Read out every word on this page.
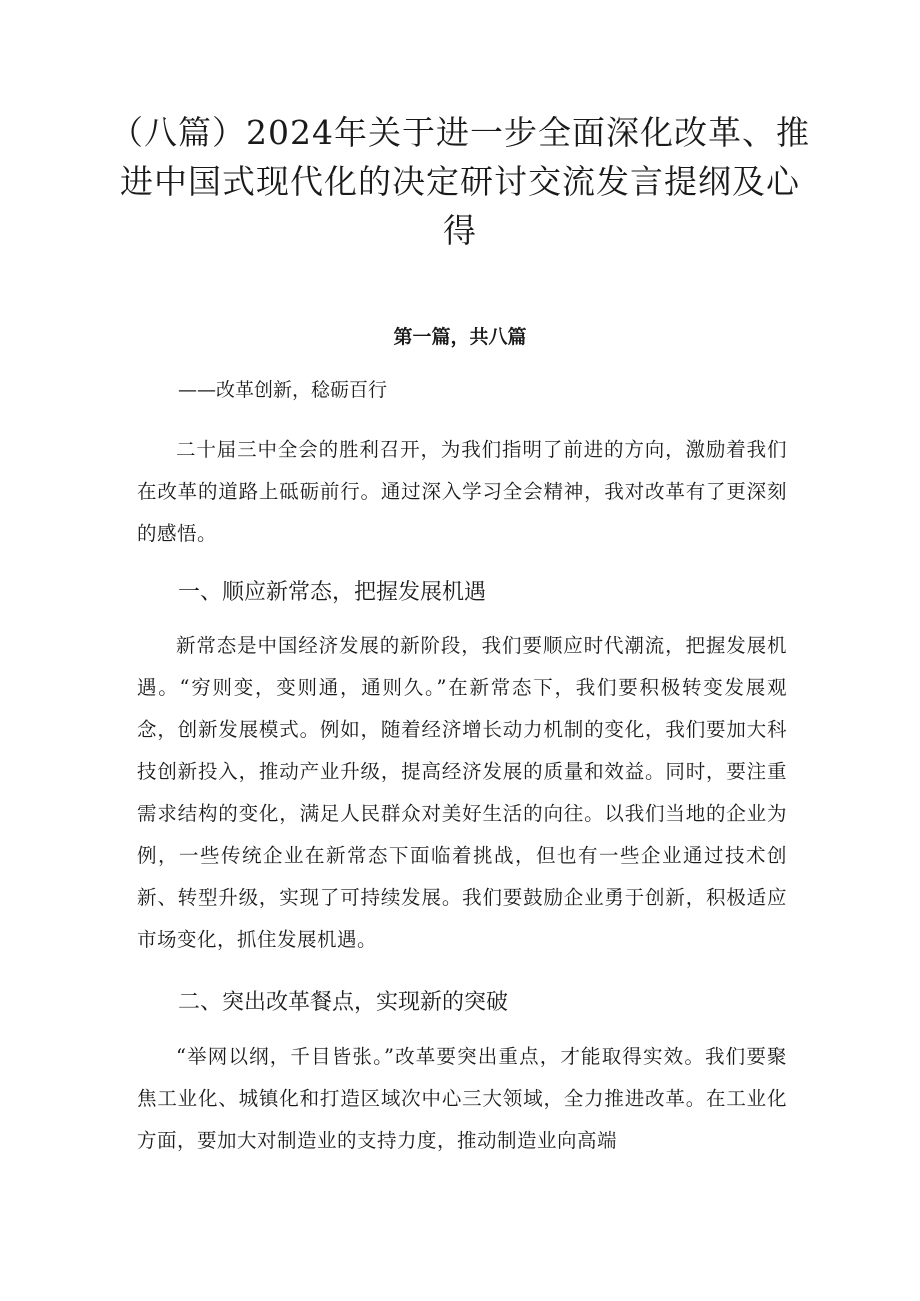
（八篇）2024年关于进一步全面深化改革、推进中国式现代化的决定研讨交流发言提纲及心得
第一篇，共八篇
——改革创新，稔砺百行

二十届三中全会的胜利召开，为我们指明了前进的方向，激励着我们在改革的道路上砥砺前行。通过深入学习全会精神，我对改革有了更深刻的感悟。

一、顺应新常态，把握发展机遇

新常态是中国经济发展的新阶段，我们要顺应时代潮流，把握发展机遇。“穷则变，变则通，通则久。”在新常态下，我们要积极转变发展观念，创新发展模式。例如，随着经济增长动力机制的变化，我们要加大科技创新投入，推动产业升级，提高经济发展的质量和效益。同时，要注重需求结构的变化，满足人民群众对美好生活的向往。以我们当地的企业为例，一些传统企业在新常态下面临着挑战，但也有一些企业通过技术创新、转型升级，实现了可持续发展。我们要鼓励企业勇于创新，积极适应市场变化，抓住发展机遇。

二、突出改革餐点，实现新的突破

“举网以纲，千目皆张。”改革要突出重点，才能取得实效。我们要聚焦工业化、城镇化和打造区域次中心三大领域，全力推进改革。在工业化方面，要加大对制造业的支持力度，推动制造业向高端
